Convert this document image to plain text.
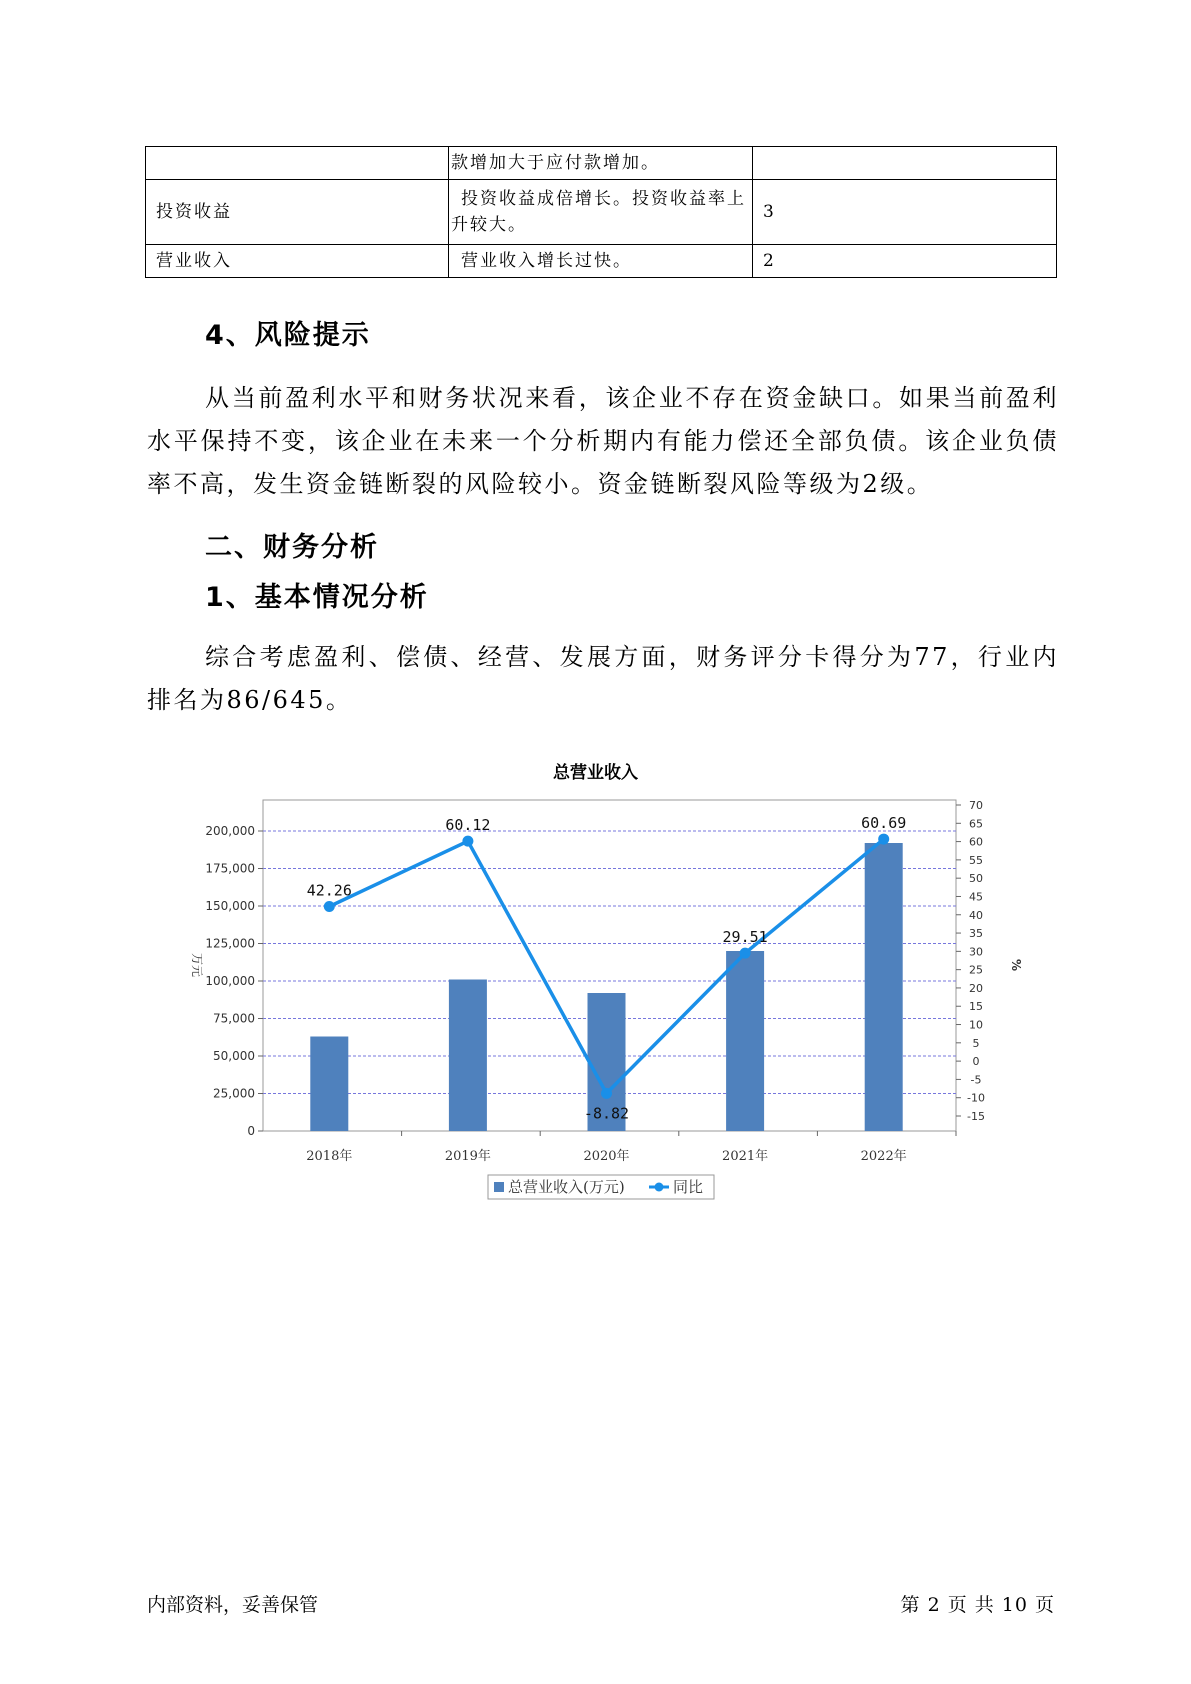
	款增加大于应付款增加。	
投资收益	投资收益成倍增长。投资收益率上升较大。	3
营业收入	营业收入增长过快。	2
4、风险提示

从当前盈利水平和财务状况来看，该企业不存在资金缺口。如果当前盈利水平保持不变，该企业在未来一个分析期内有能力偿还全部负债。该企业负债率不高，发生资金链断裂的风险较小。资金链断裂风险等级为2级。

二、财务分析
1、基本情况分析

综合考虑盈利、偿债、经营、发展方面，财务评分卡得分为77，行业内排名为86/645。

总营业收入
0
25,000
50,000
75,000
100,000
125,000
150,000
175,000
200,000
-15
-10
-5
0
5
10
15
20
25
30
35
40
45
50
55
60
65
70
万元	%
2018年	2019年	2020年	2021年	2022年
42.26
60.12
-8.82
29.51
60.69
总营业收入(万元)	同比
内部资料，妥善保管	第 2 页 共 10 页
